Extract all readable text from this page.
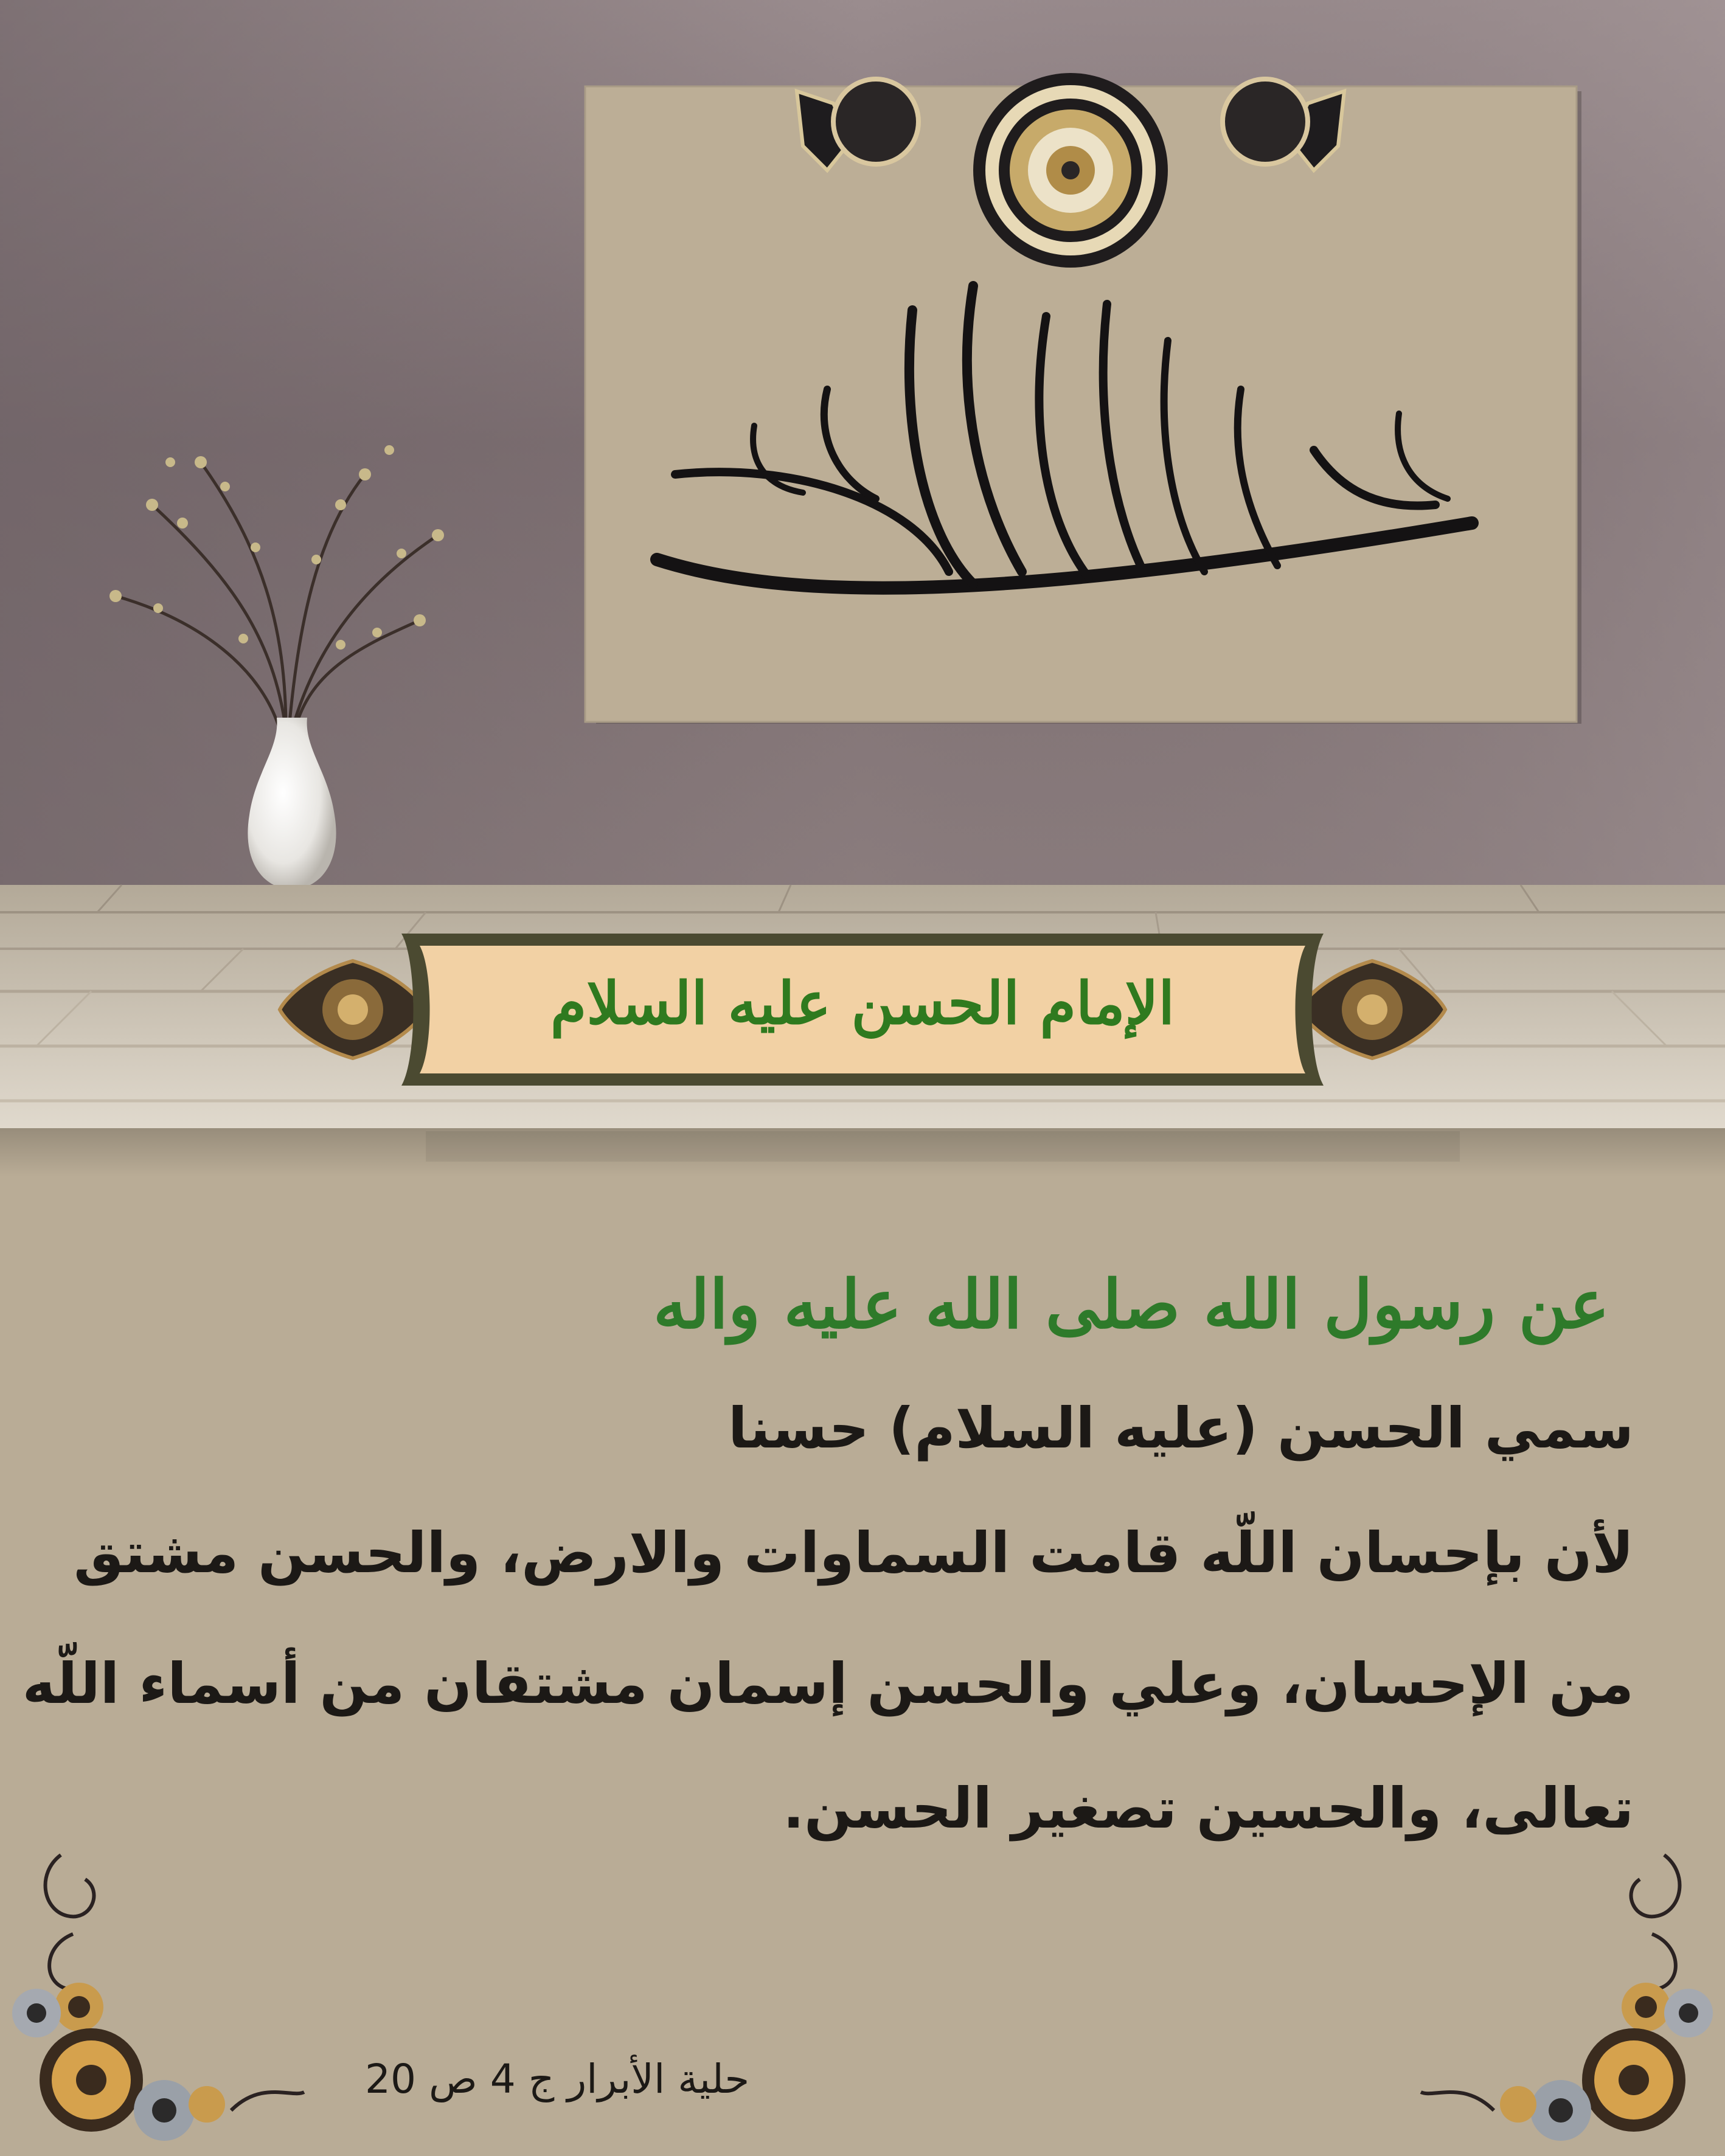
الإمام الحسن عليه السلام
عن رسول الله صلى الله عليه واله
سمي الحسن (عليه السلام) حسنا
لأن بإحسان اللّه قامت السماوات والارض، والحسن مشتق
من الإحسان، وعلي والحسن إسمان مشتقان من أسماء اللّه
تعالى، والحسين تصغير الحسن.
حلية الأبرار ج 4 ص 20
